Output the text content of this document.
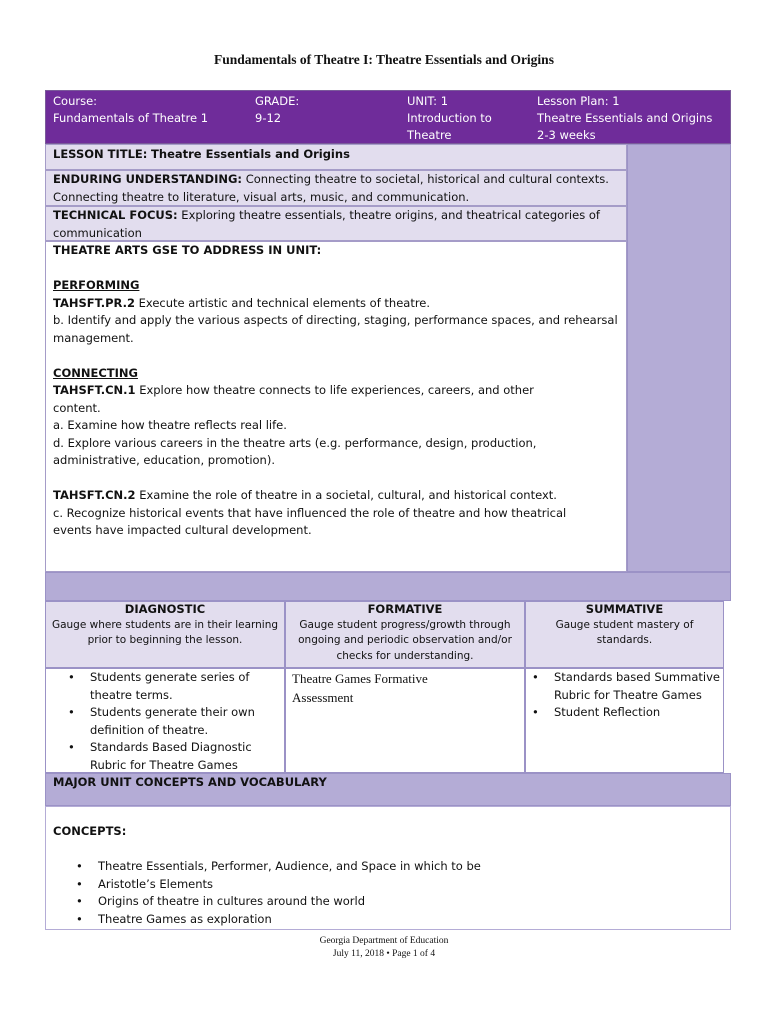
Fundamentals of Theatre I: Theatre Essentials and Origins
Course:
Fundamentals of Theatre 1
GRADE:
9-12
UNIT: 1
Introduction to
Theatre
Lesson Plan: 1
Theatre Essentials and Origins
2-3 weeks
LESSON TITLE: Theatre Essentials and Origins
ENDURING UNDERSTANDING: Connecting theatre to societal, historical and cultural contexts.
Connecting theatre to literature, visual arts, music, and communication.
TECHNICAL FOCUS: Exploring theatre essentials, theatre origins, and theatrical categories of
communication
THEATRE ARTS GSE TO ADDRESS IN UNIT:
PERFORMING
TAHSFT.PR.2 Execute artistic and technical elements of theatre.
b. Identify and apply the various aspects of directing, staging, performance spaces, and rehearsal
management.
CONNECTING
TAHSFT.CN.1 Explore how theatre connects to life experiences, careers, and other
content.
a. Examine how theatre reflects real life.
d. Explore various careers in the theatre arts (e.g. performance, design, production,
administrative, education, promotion).
TAHSFT.CN.2 Examine the role of theatre in a societal, cultural, and historical context.
c. Recognize historical events that have influenced the role of theatre and how theatrical
events have impacted cultural development.
DIAGNOSTIC
Gauge where students are in their learning
prior to beginning the lesson.
FORMATIVE
Gauge student progress/growth through
ongoing and periodic observation and/or
checks for understanding.
SUMMATIVE
Gauge student mastery of
standards.
• Students generate series of
theatre terms.
• Students generate their own
definition of theatre.
• Standards Based Diagnostic
Rubric for Theatre Games
Theatre Games Formative
Assessment
• Standards based Summative
Rubric for Theatre Games
• Student Reflection
MAJOR UNIT CONCEPTS AND VOCABULARY
CONCEPTS:
• Theatre Essentials, Performer, Audience, and Space in which to be
• Aristotle’s Elements
• Origins of theatre in cultures around the world
• Theatre Games as exploration
Georgia Department of Education
July 11, 2018 • Page 1 of 4
